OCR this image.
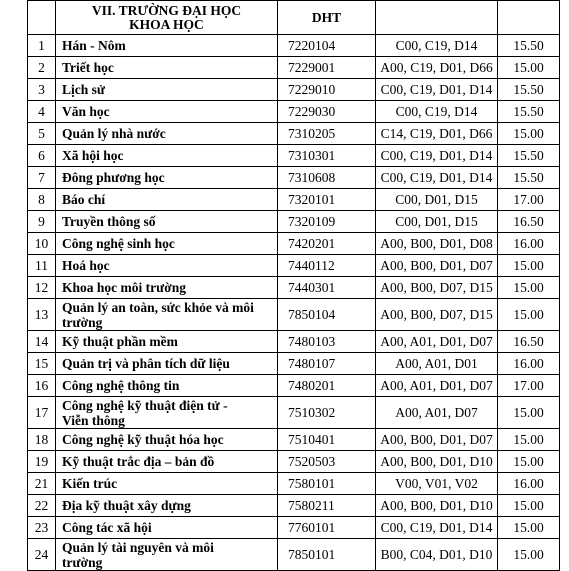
	VII. TRƯỜNG ĐẠI HỌC
KHOA HỌC	DHT		
1	Hán - Nôm	7220104	C00, C19, D14	15.50
2	Triết học	7229001	A00, C19, D01, D66	15.00
3	Lịch sử	7229010	C00, C19, D01, D14	15.50
4	Văn học	7229030	C00, C19, D14	15.50
5	Quản lý nhà nước	7310205	C14, C19, D01, D66	15.00
6	Xã hội học	7310301	C00, C19, D01, D14	15.50
7	Đông phương học	7310608	C00, C19, D01, D14	15.50
8	Báo chí	7320101	C00, D01, D15	17.00
9	Truyền thông số	7320109	C00, D01, D15	16.50
10	Công nghệ sinh học	7420201	A00, B00, D01, D08	16.00
11	Hoá học	7440112	A00, B00, D01, D07	15.00
12	Khoa học môi trường	7440301	A00, B00, D07, D15	15.00
13	Quản lý an toàn, sức khỏe và môi
trường	7850104	A00, B00, D07, D15	15.00
14	Kỹ thuật phần mềm	7480103	A00, A01, D01, D07	16.50
15	Quản trị và phân tích dữ liệu	7480107	A00, A01, D01	16.00
16	Công nghệ thông tin	7480201	A00, A01, D01, D07	17.00
17	Công nghệ kỹ thuật điện tử -
Viễn thông	7510302	A00, A01, D07	15.00
18	Công nghệ kỹ thuật hóa học	7510401	A00, B00, D01, D07	15.00
19	Kỹ thuật trắc địa – bản đồ	7520503	A00, B00, D01, D10	15.00
21	Kiến trúc	7580101	V00, V01, V02	16.00
22	Địa kỹ thuật xây dựng	7580211	A00, B00, D01, D10	15.00
23	Công tác xã hội	7760101	C00, C19, D01, D14	15.00
24	Quản lý tài nguyên và môi
trường	7850101	B00, C04, D01, D10	15.00
